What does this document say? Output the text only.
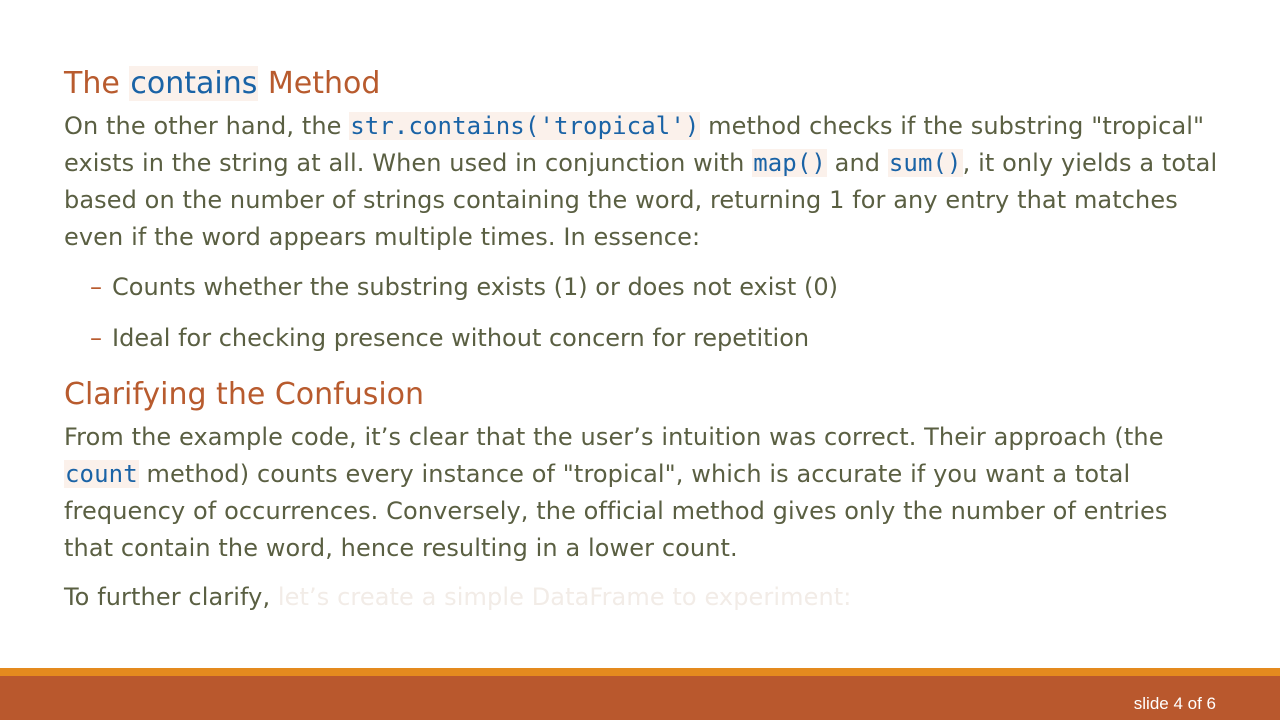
The contains Method

On the other hand, the str.contains('tropical') method checks if the substring "tropical" exists in the string at all. When used in conjunction with map() and sum(), it only yields a total based on the number of strings containing the word, returning 1 for any entry that matches even if the word appears multiple times. In essence:

– Counts whether the substring exists (1) or does not exist (0)
– Ideal for checking presence without concern for repetition
Clarifying the Confusion

From the example code, it’s clear that the user’s intuition was correct. Their approach (the count method) counts every instance of "tropical", which is accurate if you want a total frequency of occurrences. Conversely, the official method gives only the number of entries that contain the word, hence resulting in a lower count.

To further clarify, let’s create a simple DataFrame to experiment:

slide 4 of 6
